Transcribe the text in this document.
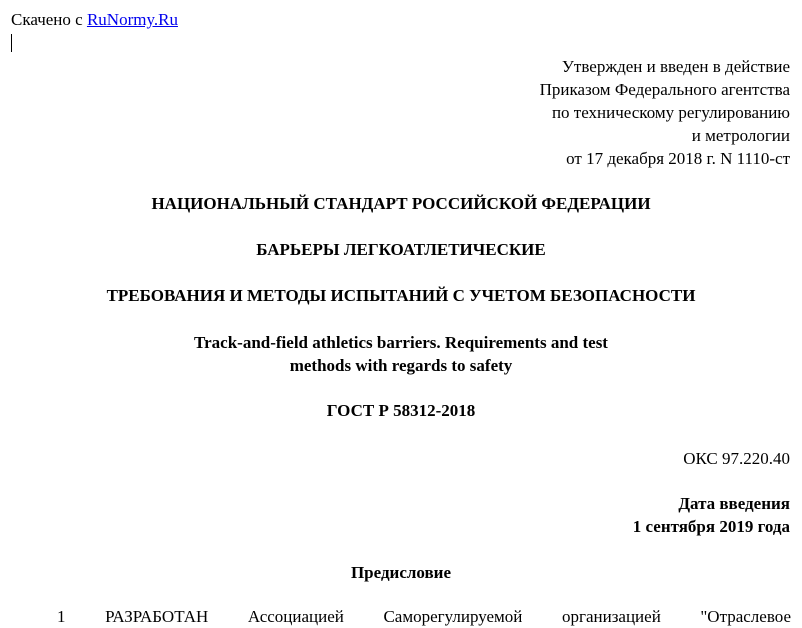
Скачено с RuNormy.Ru

Утвержден и введен в действие
Приказом Федерального агентства
по техническому регулированию
и метрологии
от 17 декабря 2018 г. N 1110-ст

НАЦИОНАЛЬНЫЙ СТАНДАРТ РОССИЙСКОЙ ФЕДЕРАЦИИ

БАРЬЕРЫ ЛЕГКОАТЛЕТИЧЕСКИЕ

ТРЕБОВАНИЯ И МЕТОДЫ ИСПЫТАНИЙ С УЧЕТОМ БЕЗОПАСНОСТИ

Track-and-field athletics barriers. Requirements and test
methods with regards to safety

ГОСТ Р 58312-2018

ОКС 97.220.40

Дата введения
1 сентября 2019 года

Предисловие

1 РАЗРАБОТАН Ассоциацией Саморегулируемой организацией "Отраслевое
